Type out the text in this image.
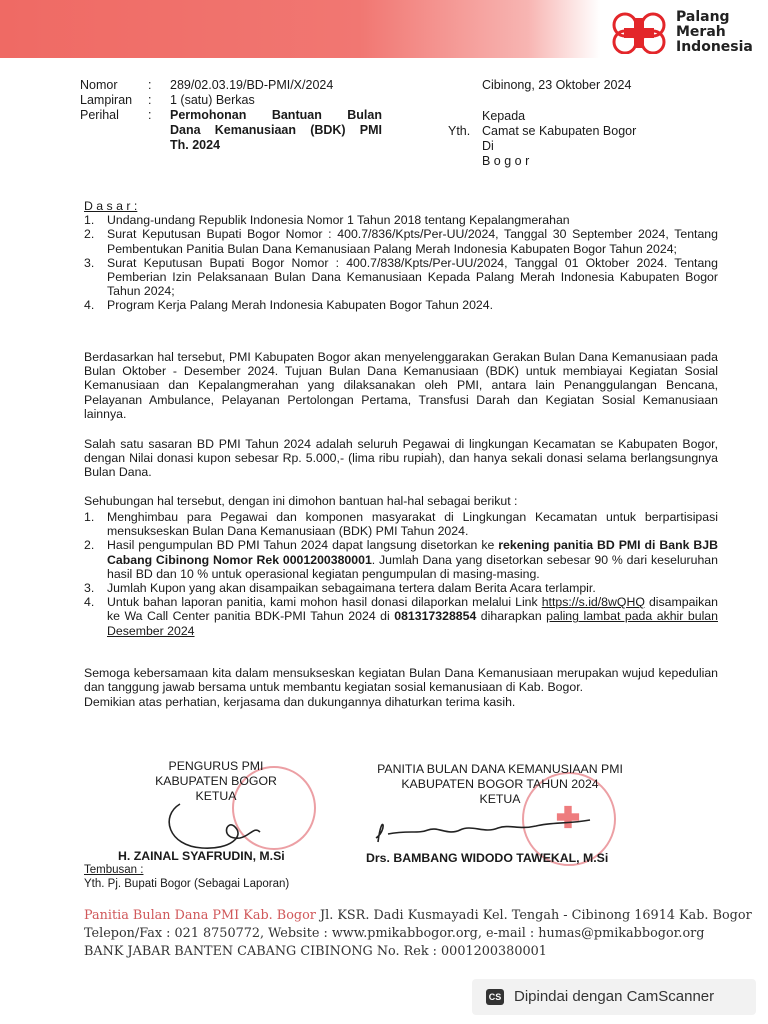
Palang
Merah
Indonesia
Nomor : 289/02.03.19/BD-PMI/X/2024
Lampiran : 1 (satu) Berkas
Perihal : Permohonan Bantuan Bulan
Dana Kemanusiaan (BDK) PMI
Th. 2024
Cibinong, 23 Oktober 2024
Kepada
Yth. Camat se Kabupaten Bogor
Di
B o g o r
D a s a r :
1. Undang-undang Republik Indonesia Nomor 1 Tahun 2018 tentang Kepalangmerahan
2. Surat Keputusan Bupati Bogor Nomor : 400.7/836/Kpts/Per-UU/2024, Tanggal 30 September 2024, Tentang Pembentukan Panitia Bulan Dana Kemanusiaan Palang Merah Indonesia Kabupaten Bogor Tahun 2024;
3. Surat Keputusan Bupati Bogor Nomor : 400.7/838/Kpts/Per-UU/2024, Tanggal 01 Oktober 2024. Tentang Pemberian Izin Pelaksanaan Bulan Dana Kemanusiaan Kepada Palang Merah Indonesia Kabupaten Bogor Tahun 2024;
4. Program Kerja Palang Merah Indonesia Kabupaten Bogor Tahun 2024.
Berdasarkan hal tersebut, PMI Kabupaten Bogor akan menyelenggarakan Gerakan Bulan Dana Kemanusiaan pada Bulan Oktober - Desember 2024. Tujuan Bulan Dana Kemanusiaan (BDK) untuk membiayai Kegiatan Sosial Kemanusiaan dan Kepalangmerahan yang dilaksanakan oleh PMI, antara lain Penanggulangan Bencana, Pelayanan Ambulance, Pelayanan Pertolongan Pertama, Transfusi Darah dan Kegiatan Sosial Kemanusiaan lainnya.
Salah satu sasaran BD PMI Tahun 2024 adalah seluruh Pegawai di lingkungan Kecamatan se Kabupaten Bogor, dengan Nilai donasi kupon sebesar Rp. 5.000,- (lima ribu rupiah), dan hanya sekali donasi selama berlangsungnya Bulan Dana.
Sehubungan hal tersebut, dengan ini dimohon bantuan hal-hal sebagai berikut :
1. Menghimbau para Pegawai dan komponen masyarakat di Lingkungan Kecamatan untuk berpartisipasi mensukseskan Bulan Dana Kemanusiaan (BDK) PMI Tahun 2024.
2. Hasil pengumpulan BD PMI Tahun 2024 dapat langsung disetorkan ke rekening panitia BD PMI di Bank BJB Cabang Cibinong Nomor Rek 0001200380001. Jumlah Dana yang disetorkan sebesar 90 % dari keseluruhan hasil BD dan 10 % untuk operasional kegiatan pengumpulan di masing-masing.
3. Jumlah Kupon yang akan disampaikan sebagaimana tertera dalam Berita Acara terlampir.
4. Untuk bahan laporan panitia, kami mohon hasil donasi dilaporkan melalui Link https://s.id/8wQHQ disampaikan ke Wa Call Center panitia BDK-PMI Tahun 2024 di 081317328854 diharapkan paling lambat pada akhir bulan Desember 2024
Semoga kebersamaan kita dalam mensukseskan kegiatan Bulan Dana Kemanusiaan merupakan wujud kepedulian dan tanggung jawab bersama untuk membantu kegiatan sosial kemanusiaan di Kab. Bogor.
Demikian atas perhatian, kerjasama dan dukungannya dihaturkan terima kasih.
PENGURUS PMI
KABUPATEN BOGOR
KETUA
H. ZAINAL SYAFRUDIN, M.Si
PANITIA BULAN DANA KEMANUSIAAN PMI
KABUPATEN BOGOR TAHUN 2024
KETUA
Drs. BAMBANG WIDODO TAWEKAL, M.Si
Tembusan :
Yth. Pj. Bupati Bogor (Sebagai Laporan)
Panitia Bulan Dana PMI Kab. Bogor Jl. KSR. Dadi Kusmayadi Kel. Tengah - Cibinong 16914 Kab. Bogor
Telepon/Fax : 021 8750772, Website : www.pmikabbogor.org, e-mail : humas@pmikabbogor.org
BANK JABAR BANTEN CABANG CIBINONG No. Rek : 0001200380001
CS Dipindai dengan CamScanner
